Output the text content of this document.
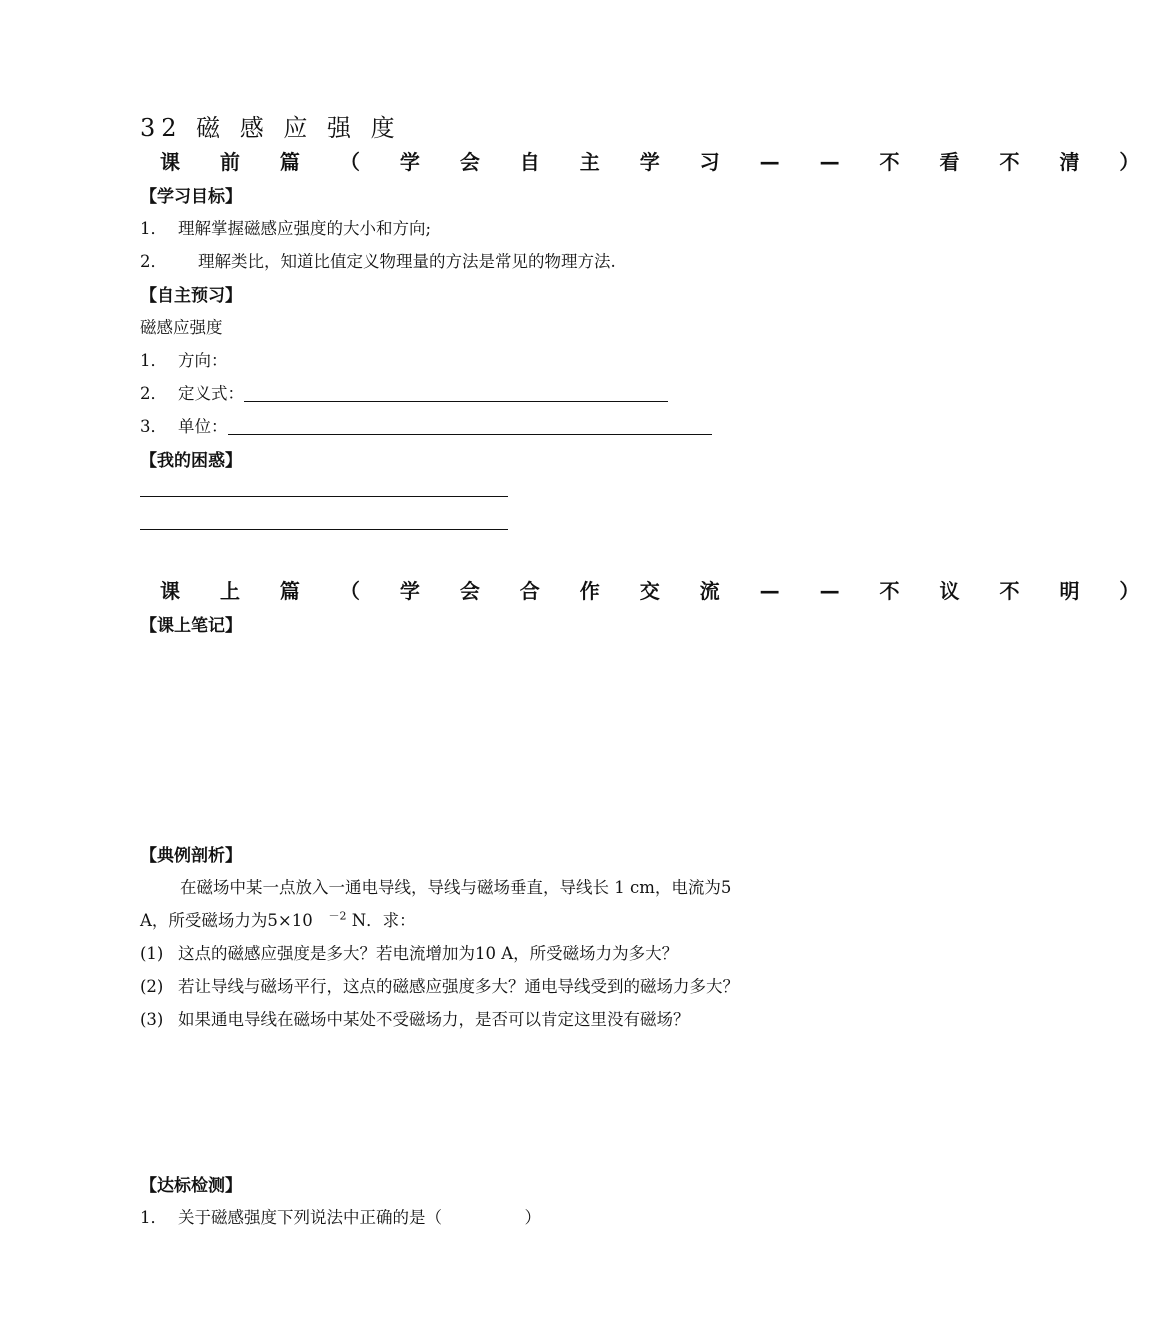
32 磁 感 应 强 度
课 前 篇 （ 学 会 自 主 学 习 — — 不 看 不 清 ）
【学习目标】
1． 理解掌握磁感应强度的大小和方向;
2． 理解类比，知道比值定义物理量的方法是常见的物理方法.
【自主预习】
磁感应强度
1． 方向：
2． 定义式：
3． 单位：
【我的困惑】
课 上 篇 （ 学 会 合 作 交 流 — — 不 议 不 明 ）
【课上笔记】
【典例剖析】
在磁场中某一点放入一通电导线，导线与磁场垂直，导线长 1 cm，电流为5
A，所受磁场力为5×10 $^{-2}$ N．求：
(1) 这点的磁感应强度是多大？若电流增加为10 A，所受磁场力为多大？
(2) 若让导线与磁场平行，这点的磁感应强度多大？通电导线受到的磁场力多大？
(3) 如果通电导线在磁场中某处不受磁场力，是否可以肯定这里没有磁场？
【达标检测】
1． 关于磁感强度下列说法中正确的是（　　　　　）
